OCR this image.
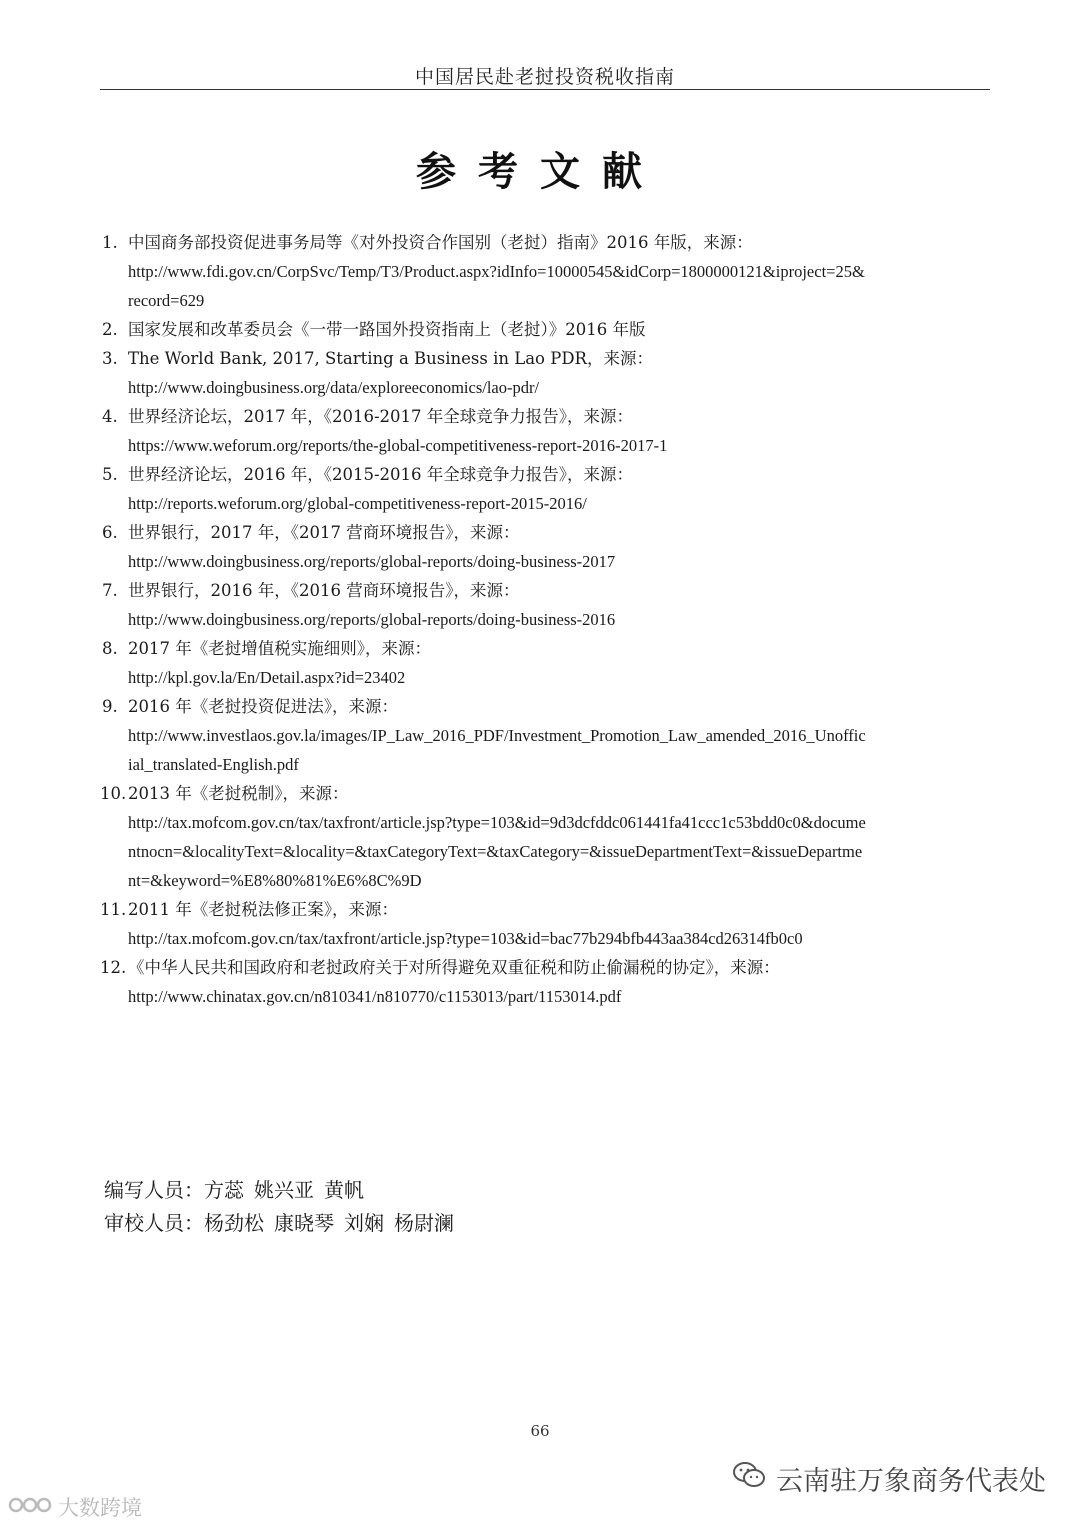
中国居民赴老挝投资税收指南
参考文献
1. 中国商务部投资促进事务局等《对外投资合作国别（老挝）指南》2016 年版，来源：
http://www.fdi.gov.cn/CorpSvc/Temp/T3/Product.aspx?idInfo=10000545&idCorp=1800000121&iproject=25&
record=629
2. 国家发展和改革委员会《一带一路国外投资指南上（老挝）》2016 年版
3. The World Bank, 2017, Starting a Business in Lao PDR，来源：
http://www.doingbusiness.org/data/exploreeconomics/lao-pdr/
4. 世界经济论坛，2017 年，《2016-2017 年全球竞争力报告》，来源：
https://www.weforum.org/reports/the-global-competitiveness-report-2016-2017-1
5. 世界经济论坛，2016 年，《2015-2016 年全球竞争力报告》，来源：
http://reports.weforum.org/global-competitiveness-report-2015-2016/
6. 世界银行，2017 年，《2017 营商环境报告》，来源：
http://www.doingbusiness.org/reports/global-reports/doing-business-2017
7. 世界银行，2016 年，《2016 营商环境报告》，来源：
http://www.doingbusiness.org/reports/global-reports/doing-business-2016
8. 2017 年《老挝增值税实施细则》，来源：
http://kpl.gov.la/En/Detail.aspx?id=23402
9. 2016 年《老挝投资促进法》，来源：
http://www.investlaos.gov.la/images/IP_Law_2016_PDF/Investment_Promotion_Law_amended_2016_Unoffic
ial_translated-English.pdf
10. 2013 年《老挝税制》，来源：
http://tax.mofcom.gov.cn/tax/taxfront/article.jsp?type=103&id=9d3dcfddc061441fa41ccc1c53bdd0c0&docume
ntnocn=&localityText=&locality=&taxCategoryText=&taxCategory=&issueDepartmentText=&issueDepartme
nt=&keyword=%E8%80%81%E6%8C%9D
11. 2011 年《老挝税法修正案》，来源：
http://tax.mofcom.gov.cn/tax/taxfront/article.jsp?type=103&id=bac77b294bfb443aa384cd26314fb0c0
12. 《中华人民共和国政府和老挝政府关于对所得避免双重征税和防止偷漏税的协定》，来源：
http://www.chinatax.gov.cn/n810341/n810770/c1153013/part/1153014.pdf
编写人员：方蕊 姚兴亚 黄帆
审校人员：杨劲松 康晓琴 刘娴 杨尉澜
66
云南驻万象商务代表处
大数跨境
